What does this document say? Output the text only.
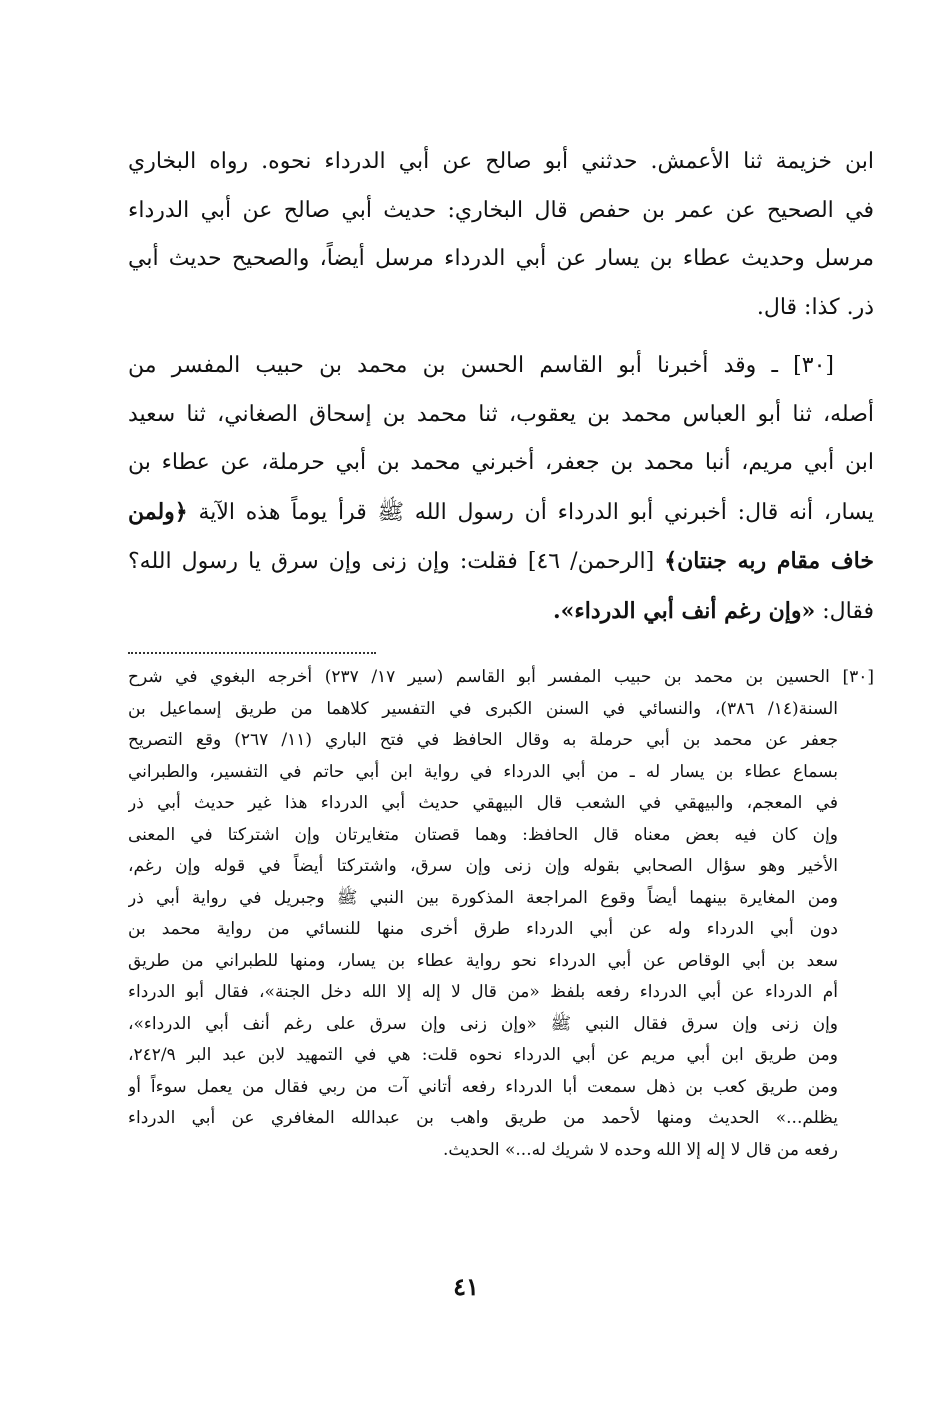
ابن خزيمة ثنا الأعمش. حدثني أبو صالح عن أبي الدرداء نحوه. رواه البخاري
في الصحيح عن عمر بن حفص قال البخاري: حديث أبي صالح عن أبي الدرداء
مرسل وحديث عطاء بن يسار عن أبي الدرداء مرسل أيضاً، والصحيح حديث أبي
ذر. كذا: قال.

[٣٠] ـ وقد أخبرنا أبو القاسم الحسن بن محمد بن حبيب المفسر من
أصله، ثنا أبو العباس محمد بن يعقوب، ثنا محمد بن إسحاق الصغاني، ثنا سعيد
ابن أبي مريم، أنبا محمد بن جعفر، أخبرني محمد بن أبي حرملة، عن عطاء بن
يسار، أنه قال: أخبرني أبو الدرداء أن رسول الله ﷺ قرأ يوماً هذه الآية ﴿ولمن
خاف مقام ربه جنتان﴾ [الرحمن/ ٤٦] فقلت: وإن زنى وإن سرق يا رسول الله؟
فقال: «وإن رغم أنف أبي الدرداء».

[٣٠] الحسين بن محمد بن حبيب المفسر أبو القاسم (سير ١٧/ ٢٣٧) أخرجه البغوي في شرح
السنة(١٤/ ٣٨٦)، والنسائي في السنن الكبرى في التفسير كلاهما من طريق إسماعيل بن
جعفر عن محمد بن أبي حرملة به وقال الحافظ في فتح الباري (١١/ ٢٦٧) وقع التصريح
بسماع عطاء بن يسار له ـ من أبي الدرداء في رواية ابن أبي حاتم في التفسير، والطبراني
في المعجم، والبيهقي في الشعب قال البيهقي حديث أبي الدرداء هذا غير حديث أبي ذر
وإن كان فيه بعض معناه قال الحافظ: وهما قصتان متغايرتان وإن اشتركتا في المعنى
الأخير وهو سؤال الصحابي بقوله وإن زنى وإن سرق، واشتركتا أيضاً في قوله وإن رغم،
ومن المغايرة بينهما أيضاً وقوع المراجعة المذكورة بين النبي ﷺ وجبريل في رواية أبي ذر
دون أبي الدرداء وله عن أبي الدرداء طرق أخرى منها للنسائي من رواية محمد بن
سعد بن أبي الوقاص عن أبي الدرداء نحو رواية عطاء بن يسار، ومنها للطبراني من طريق
أم الدرداء عن أبي الدرداء رفعه بلفظ «من قال لا إله إلا الله دخل الجنة»، فقال أبو الدرداء
وإن زنى وإن سرق فقال النبي ﷺ «وإن زنى وإن سرق على رغم أنف أبي الدرداء»،
ومن طريق ابن أبي مريم عن أبي الدرداء نحوه قلت: هي في التمهيد لابن عبد البر ٢٤٢/٩،
ومن طريق كعب بن ذهل سمعت أبا الدرداء رفعه أتاني آت من ربي فقال من يعمل سوءاً أو
يظلم...» الحديث ومنها لأحمد من طريق واهب بن عبدالله المغافري عن أبي الدرداء
رفعه من قال لا إله إلا الله وحده لا شريك له...» الحديث.
٤١
